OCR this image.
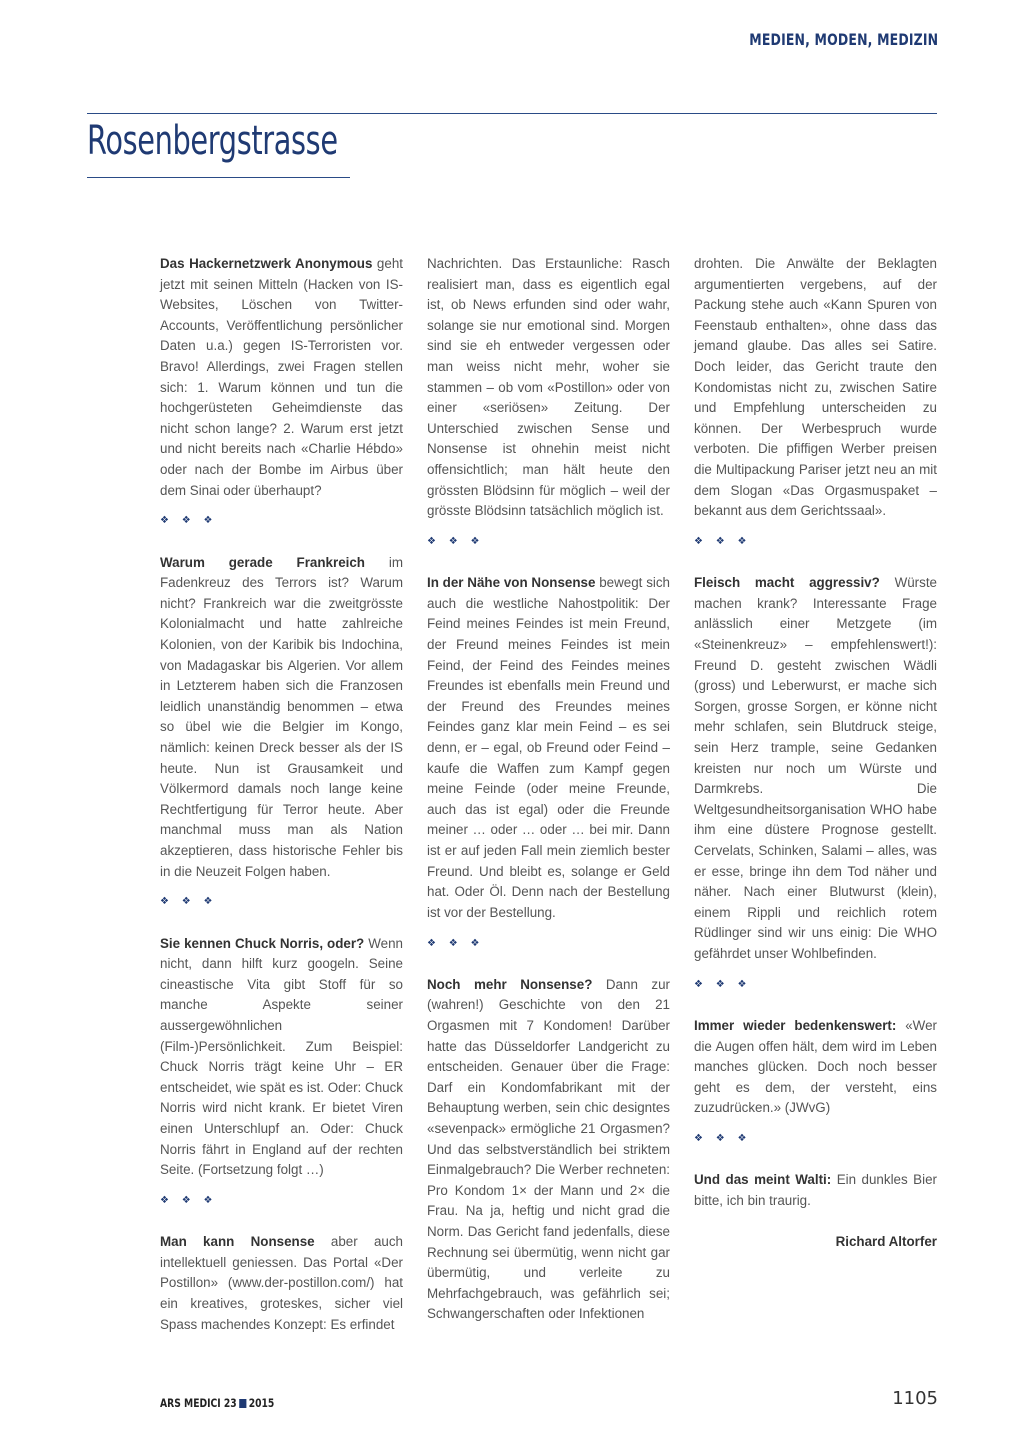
MEDIEN, MODEN, MEDIZIN
Rosenbergstrasse

Das Hackernetzwerk Anonymous geht jetzt mit seinen Mitteln (Hacken von IS-Websites, Löschen von Twitter-Accounts, Veröffentlichung persönlicher Daten u.a.) gegen IS-Terroristen vor. Bravo! Allerdings, zwei Fragen stellen sich: 1. Warum können und tun die hochgerüsteten Geheimdienste das nicht schon lange? 2. Warum erst jetzt und nicht bereits nach «Charlie Hébdo» oder nach der Bombe im Airbus über dem Sinai oder überhaupt?

❖ ❖ ❖

Warum gerade Frankreich im Fadenkreuz des Terrors ist? Warum nicht? Frankreich war die zweitgrösste Kolonialmacht und hatte zahlreiche Kolonien, von der Karibik bis Indochina, von Madagaskar bis Algerien. Vor allem in Letzterem haben sich die Franzosen leidlich unanständig benommen – etwa so übel wie die Belgier im Kongo, nämlich: keinen Dreck besser als der IS heute. Nun ist Grausamkeit und Völkermord damals noch lange keine Rechtfertigung für Terror heute. Aber manchmal muss man als Nation akzeptieren, dass historische Fehler bis in die Neuzeit Folgen haben.

❖ ❖ ❖

Sie kennen Chuck Norris, oder? Wenn nicht, dann hilft kurz googeln. Seine cineastische Vita gibt Stoff für so manche Aspekte seiner aussergewöhnlichen (Film-)Persönlichkeit. Zum Beispiel: Chuck Norris trägt keine Uhr – ER entscheidet, wie spät es ist. Oder: Chuck Norris wird nicht krank. Er bietet Viren einen Unterschlupf an. Oder: Chuck Norris fährt in England auf der rechten Seite. (Fortsetzung folgt …)

❖ ❖ ❖

Man kann Nonsense aber auch intellektuell geniessen. Das Portal «Der Postillon» (www.der-postillon.com/) hat ein kreatives, groteskes, sicher viel Spass machendes Konzept: Es erfindet

Nachrichten. Das Erstaunliche: Rasch realisiert man, dass es eigentlich egal ist, ob News erfunden sind oder wahr, solange sie nur emotional sind. Morgen sind sie eh entweder vergessen oder man weiss nicht mehr, woher sie stammen – ob vom «Postillon» oder von einer «seriösen» Zeitung. Der Unterschied zwischen Sense und Nonsense ist ohnehin meist nicht offensichtlich; man hält heute den grössten Blödsinn für möglich – weil der grösste Blödsinn tatsächlich möglich ist.

❖ ❖ ❖

In der Nähe von Nonsense bewegt sich auch die westliche Nahostpolitik: Der Feind meines Feindes ist mein Freund, der Freund meines Feindes ist mein Feind, der Feind des Feindes meines Freundes ist ebenfalls mein Freund und der Freund des Freundes meines Feindes ganz klar mein Feind – es sei denn, er – egal, ob Freund oder Feind – kaufe die Waffen zum Kampf gegen meine Feinde (oder meine Freunde, auch das ist egal) oder die Freunde meiner … oder … oder … bei mir. Dann ist er auf jeden Fall mein ziemlich bester Freund. Und bleibt es, solange er Geld hat. Oder Öl. Denn nach der Bestellung ist vor der Bestellung.

❖ ❖ ❖

Noch mehr Nonsense? Dann zur (wahren!) Geschichte von den 21 Orgasmen mit 7 Kondomen! Darüber hatte das Düsseldorfer Landgericht zu entscheiden. Genauer über die Frage: Darf ein Kondomfabrikant mit der Behauptung werben, sein chic designtes «sevenpack» ermögliche 21 Orgasmen? Und das selbstverständlich bei striktem Einmalgebrauch? Die Werber rechneten: Pro Kondom 1× der Mann und 2× die Frau. Na ja, heftig und nicht grad die Norm. Das Gericht fand jedenfalls, diese Rechnung sei übermütig, wenn nicht gar übermütig, und verleite zu Mehrfachgebrauch, was gefährlich sei; Schwangerschaften oder Infektionen

drohten. Die Anwälte der Beklagten argumentierten vergebens, auf der Packung stehe auch «Kann Spuren von Feenstaub enthalten», ohne dass das jemand glaube. Das alles sei Satire. Doch leider, das Gericht traute den Kondomistas nicht zu, zwischen Satire und Empfehlung unterscheiden zu können. Der Werbespruch wurde verboten. Die pfiffigen Werber preisen die Multipackung Pariser jetzt neu an mit dem Slogan «Das Orgasmuspaket – bekannt aus dem Gerichtssaal».

❖ ❖ ❖

Fleisch macht aggressiv? Würste machen krank? Interessante Frage anlässlich einer Metzgete (im «Steinenkreuz» – empfehlenswert!): Freund D. gesteht zwischen Wädli (gross) und Leberwurst, er mache sich Sorgen, grosse Sorgen, er könne nicht mehr schlafen, sein Blutdruck steige, sein Herz trample, seine Gedanken kreisten nur noch um Würste und Darmkrebs. Die Weltgesundheitsorganisation WHO habe ihm eine düstere Prognose gestellt. Cervelats, Schinken, Salami – alles, was er esse, bringe ihn dem Tod näher und näher. Nach einer Blutwurst (klein), einem Rippli und reichlich rotem Rüdlinger sind wir uns einig: Die WHO gefährdet unser Wohlbefinden.

❖ ❖ ❖

Immer wieder bedenkenswert: «Wer die Augen offen hält, dem wird im Leben manches glücken. Doch noch besser geht es dem, der versteht, eins zuzudrücken.» (JWvG)

❖ ❖ ❖

Und das meint Walti: Ein dunkles Bier bitte, ich bin traurig.

Richard Altorfer

ARS MEDICI 23 2015	1105
